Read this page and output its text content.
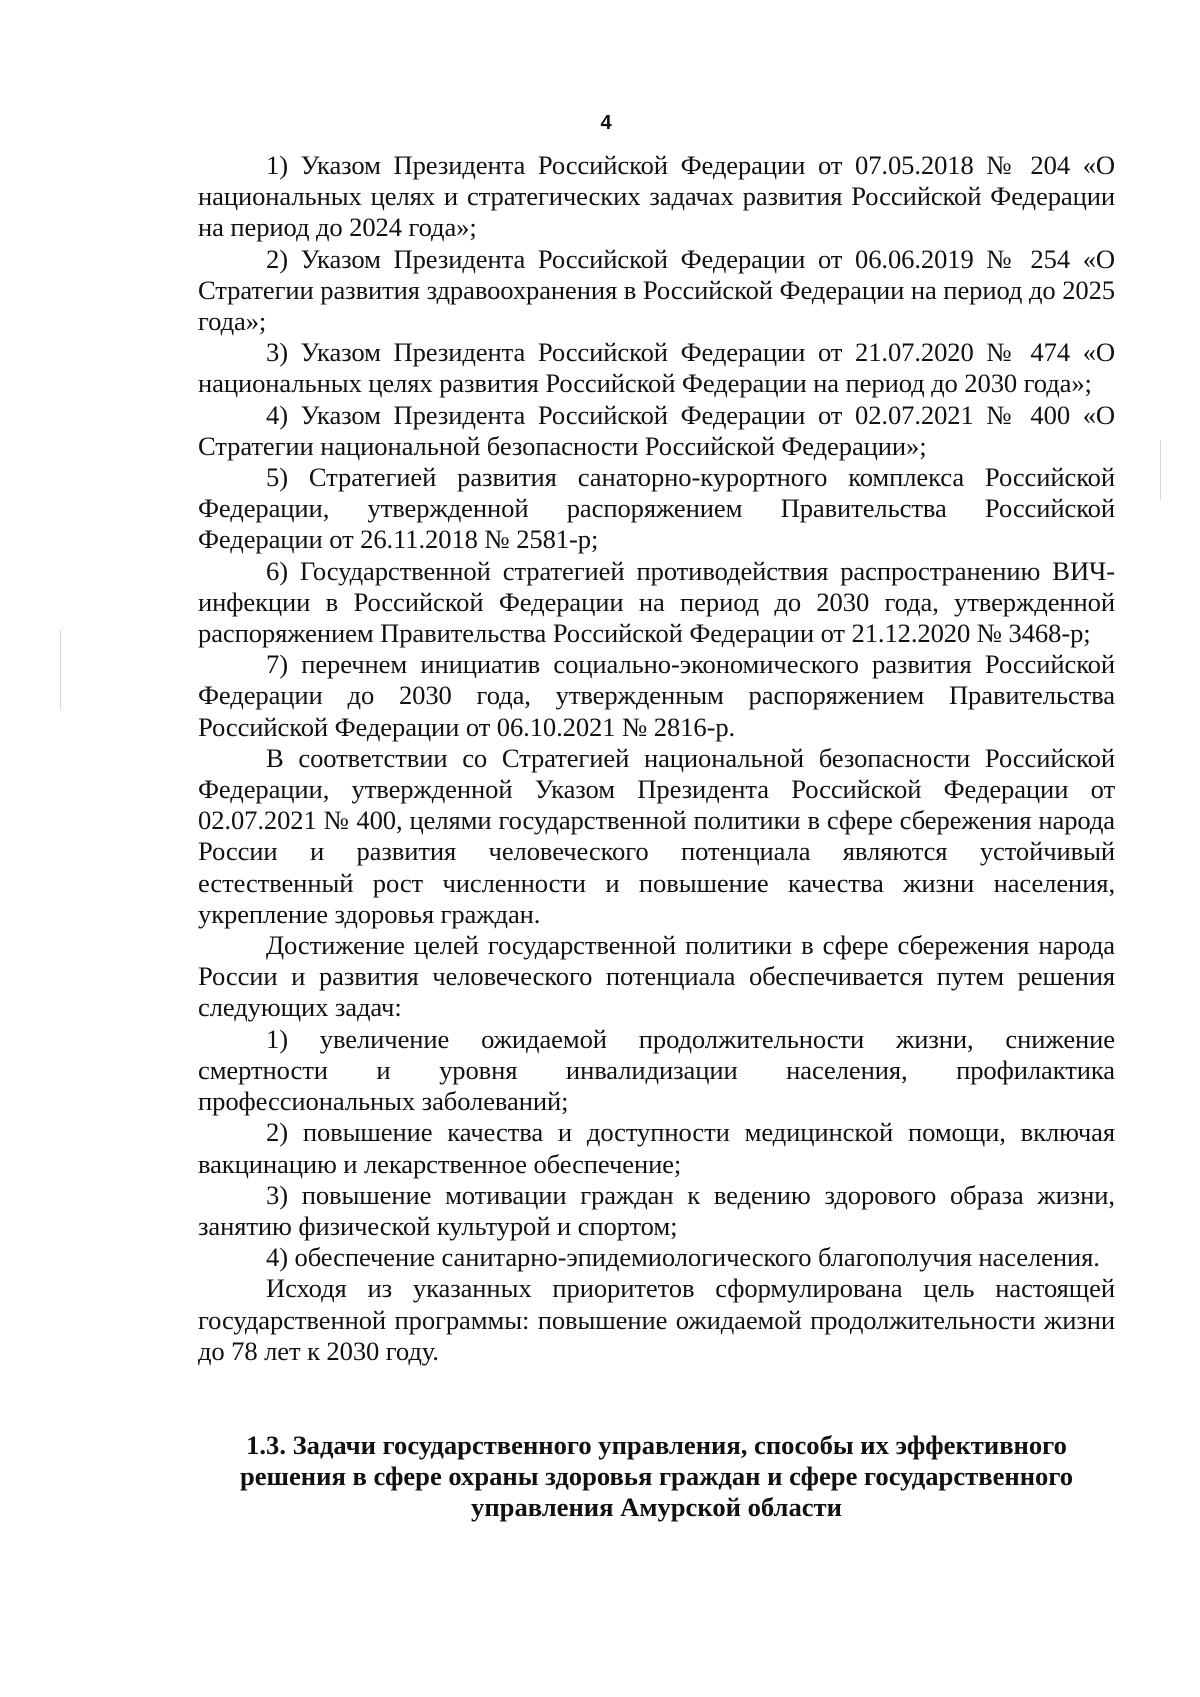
4

1) Указом Президента Российской Федерации от 07.05.2018 № 204 «О национальных целях и стратегических задачах развития Российской Федерации на период до 2024 года»;

2) Указом Президента Российской Федерации от 06.06.2019 № 254 «О Стратегии развития здравоохранения в Российской Федерации на период до 2025 года»;

3) Указом Президента Российской Федерации от 21.07.2020 № 474 «О национальных целях развития Российской Федерации на период до 2030 года»;

4) Указом Президента Российской Федерации от 02.07.2021 № 400 «О Стратегии национальной безопасности Российской Федерации»;

5) Стратегией развития санаторно-курортного комплекса Российской Федерации, утвержденной распоряжением Правительства Российской Федерации от 26.11.2018 № 2581-р;

6) Государственной стратегией противодействия распространению ВИЧ-инфекции в Российской Федерации на период до 2030 года, утвержденной распоряжением Правительства Российской Федерации от 21.12.2020 № 3468-р;

7) перечнем инициатив социально-экономического развития Российской Федерации до 2030 года, утвержденным распоряжением Правительства Российской Федерации от 06.10.2021 № 2816-р.

В соответствии со Стратегией национальной безопасности Российской Федерации, утвержденной Указом Президента Российской Федерации от 02.07.2021 № 400, целями государственной политики в сфере сбережения народа России и развития человеческого потенциала являются устойчивый естественный рост численности и повышение качества жизни населения, укрепление здоровья граждан.

Достижение целей государственной политики в сфере сбережения народа России и развития человеческого потенциала обеспечивается путем решения следующих задач:

1) увеличение ожидаемой продолжительности жизни, снижение смертности и уровня инвалидизации населения, профилактика профессиональных заболеваний;

2) повышение качества и доступности медицинской помощи, включая вакцинацию и лекарственное обеспечение;

3) повышение мотивации граждан к ведению здорового образа жизни, занятию физической культурой и спортом;

4) обеспечение санитарно-эпидемиологического благополучия населения.

Исходя из указанных приоритетов сформулирована цель настоящей государственной программы: повышение ожидаемой продолжительности жизни до 78 лет к 2030 году.

1.3. Задачи государственного управления, способы их эффективного
решения в сфере охраны здоровья граждан и сфере государственного
управления Амурской области
